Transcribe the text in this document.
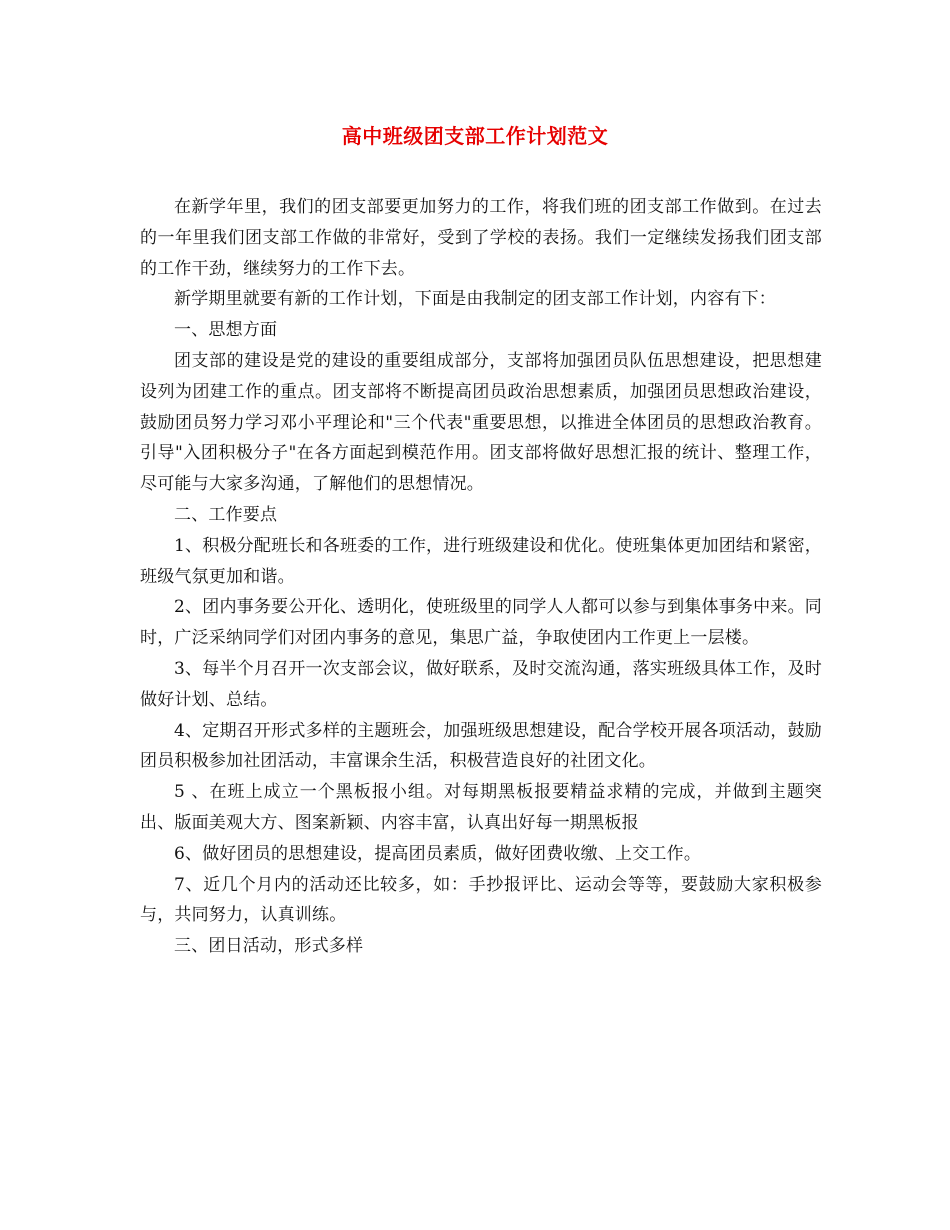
高中班级团支部工作计划范文

在新学年里，我们的团支部要更加努力的工作，将我们班的团支部工作做到。在过去的一年里我们团支部工作做的非常好，受到了学校的表扬。我们一定继续发扬我们团支部的工作干劲，继续努力的工作下去。

新学期里就要有新的工作计划，下面是由我制定的团支部工作计划，内容有下：

一、思想方面

团支部的建设是党的建设的重要组成部分，支部将加强团员队伍思想建设，把思想建设列为团建工作的重点。团支部将不断提高团员政治思想素质，加强团员思想政治建设，鼓励团员努力学习邓小平理论和"三个代表"重要思想，以推进全体团员的思想政治教育。引导"入团积极分子"在各方面起到模范作用。团支部将做好思想汇报的统计、整理工作，尽可能与大家多沟通，了解他们的思想情况。

二、工作要点

1、积极分配班长和各班委的工作，进行班级建设和优化。使班集体更加团结和紧密，班级气氛更加和谐。

2、团内事务要公开化、透明化，使班级里的同学人人都可以参与到集体事务中来。同时，广泛采纳同学们对团内事务的意见，集思广益，争取使团内工作更上一层楼。

3、每半个月召开一次支部会议，做好联系，及时交流沟通，落实班级具体工作，及时做好计划、总结。

4、定期召开形式多样的主题班会，加强班级思想建设，配合学校开展各项活动，鼓励团员积极参加社团活动，丰富课余生活，积极营造良好的社团文化。

5 、在班上成立一个黑板报小组。对每期黑板报要精益求精的完成，并做到主题突出、版面美观大方、图案新颖、内容丰富，认真出好每一期黑板报

6、做好团员的思想建设，提高团员素质，做好团费收缴、上交工作。

7、近几个月内的活动还比较多，如：手抄报评比、运动会等等，要鼓励大家积极参与，共同努力，认真训练。

三、团日活动，形式多样
